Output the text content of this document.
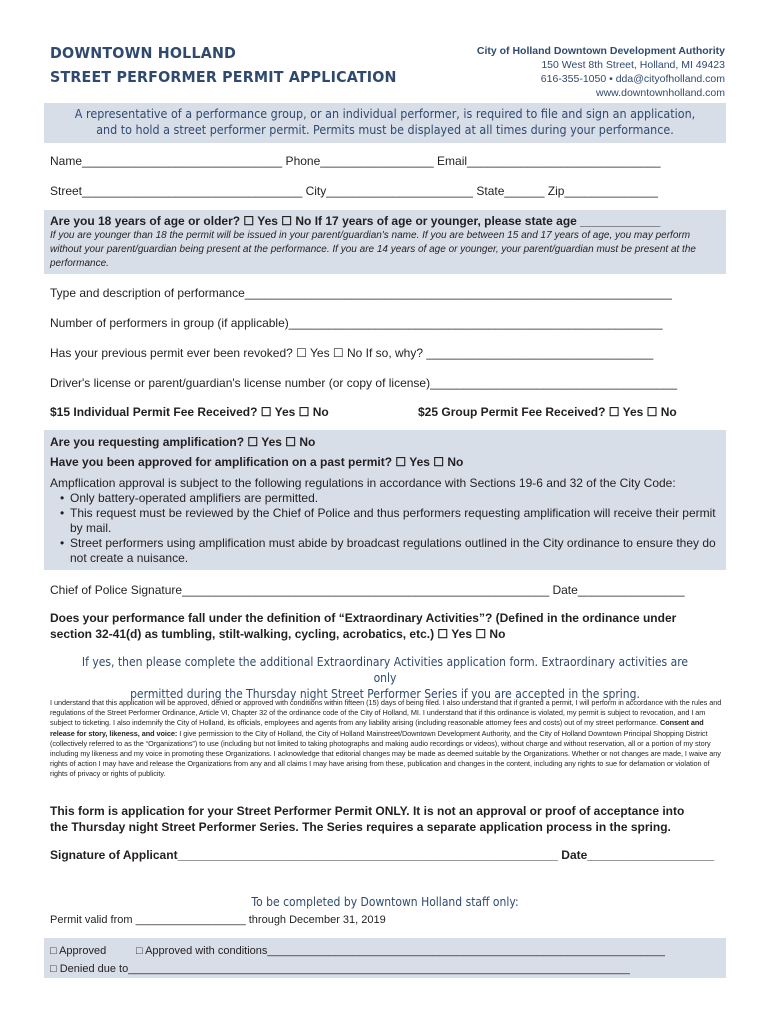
DOWNTOWN HOLLAND
STREET PERFORMER PERMIT APPLICATION
City of Holland Downtown Development Authority
150 West 8th Street, Holland, MI 49423
616-355-1050 • dda@cityofholland.com
www.downtownholland.com
A representative of a performance group, or an individual performer, is required to file and sign an application,
and to hold a street performer permit. Permits must be displayed at all times during your performance.
Name______________________________ Phone_________________ Email_____________________________
Street_________________________________ City______________________ State______ Zip______________
Are you 18 years of age or older? ☐ Yes ☐ No If 17 years of age or younger, please state age ____________
If you are younger than 18 the permit will be issued in your parent/guardian's name. If you are between 15 and 17 years of age, you may perform without your parent/guardian being present at the performance. If you are 14 years of age or younger, your parent/guardian must be present at the performance.
Type and description of performance________________________________________________________________
Number of performers in group (if applicable)________________________________________________________
Has your previous permit ever been revoked? ☐ Yes ☐ No If so, why? __________________________________
Driver's license or parent/guardian's license number (or copy of license)_____________________________________
$15 Individual Permit Fee Received? ☐ Yes ☐ No	$25 Group Permit Fee Received? ☐ Yes ☐ No
Are you requesting amplification? ☐ Yes ☐ No
Have you been approved for amplification on a past permit? ☐ Yes ☐ No
Ampflication approval is subject to the following regulations in accordance with Sections 19-6 and 32 of the City Code:
• Only battery-operated amplifiers are permitted.
• This request must be reviewed by the Chief of Police and thus performers requesting amplification will receive their permit by mail.
• Street performers using amplification must abide by broadcast regulations outlined in the City ordinance to ensure they do not create a nuisance.
Chief of Police Signature_______________________________________________________ Date________________
Does your performance fall under the definition of “Extraordinary Activities”? (Defined in the ordinance under
section 32-41(d) as tumbling, stilt-walking, cycling, acrobatics, etc.) ☐ Yes ☐ No
If yes, then please complete the additional Extraordinary Activities application form. Extraordinary activities are only
permitted during the Thursday night Street Performer Series if you are accepted in the spring.
I understand that this application will be approved, denied or approved with conditions within fifteen (15) days of being filed. I also understand that if granted a permit, I will perform in accordance with the rules and regulations of the Street Performer Ordinance, Article VI, Chapter 32 of the ordinance code of the City of Holland, MI. I understand that if this ordinance is violated, my permit is subject to revocation, and I am subject to ticketing. I also indemnify the City of Holland, its officials, employees and agents from any liability arising (including reasonable attorney fees and costs) out of my street performance. Consent and release for story, likeness, and voice: I give permission to the City of Holland, the City of Holland Mainstreet/Downtown Development Authority, and the City of Holland Downtown Principal Shopping District (collectively referred to as the “Organizations”) to use (including but not limited to taking photographs and making audio recordings or videos), without charge and without reservation, all or a portion of my story including my likeness and my voice in promoting these Organizations. I acknowledge that editorial changes may be made as deemed suitable by the Organizations. Whether or not changes are made, I waive any rights of action I may have and release the Organizations from any and all claims I may have arising from these, publication and changes in the content, including any rights to sue for defamation or violation of rights of privacy or rights of publicity.
This form is application for your Street Performer Permit ONLY. It is not an approval or proof of acceptance into
the Thursday night Street Performer Series. The Series requires a separate application process in the spring.
Signature of Applicant_________________________________________________________ Date___________________
To be completed by Downtown Holland staff only:
Permit valid from __________________ through December 31, 2019
□ Approved	□ Approved with conditions_________________________________________________________________
□ Denied due to__________________________________________________________________________________
